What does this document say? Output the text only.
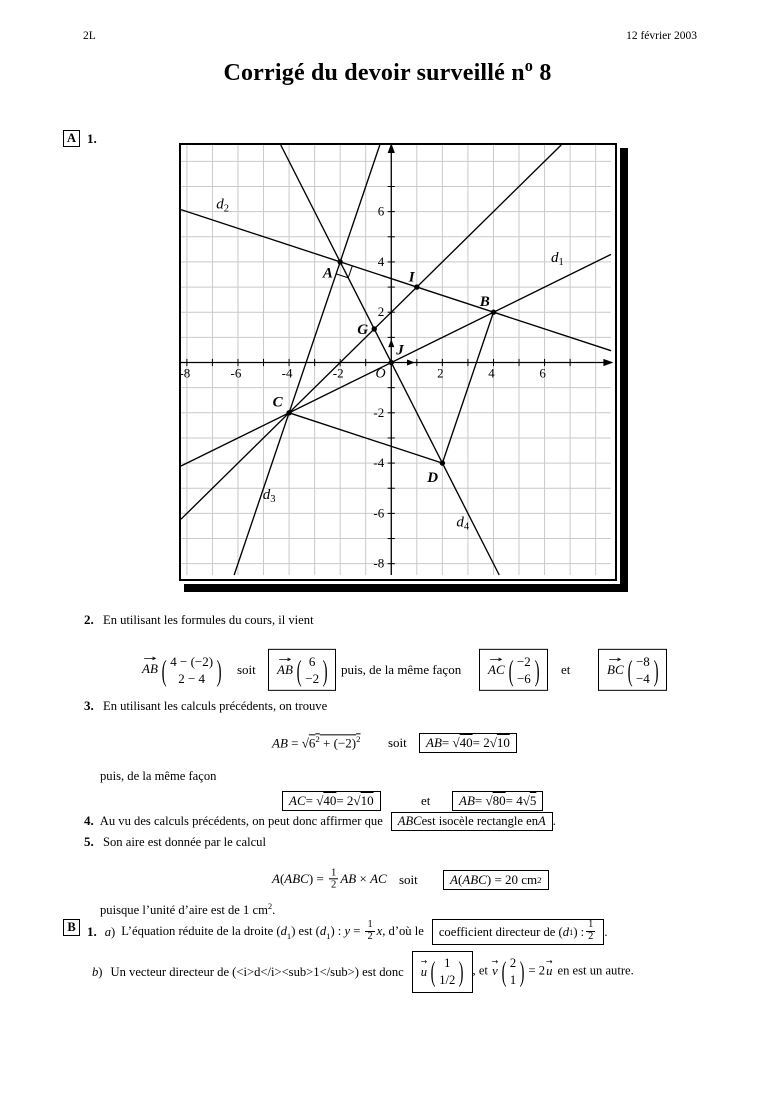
2L	12 février 2003
Corrigé du devoir surveillé $n^o$ 8
A 1.
$d_1$
$d_2$
$d_3$
$d_4$
-8	-6	-4	-2	2	4	6
6
4
2
-2
-4
-6
-8
O
A
B
C
D
G
I
J
2. En utilisant les formules du cours, il vient
→ AB ( 4 − (−2)
2 − 4 ) soit → AB ( 6
−2 ) puis, de la même façon → AC ( −2
−6 ) et	→ BC ( −8
−4 )
3. En utilisant les calculs précédents, on trouve
AB = $√6^2 + (-2)^2$ soit AB = √ 40 = 2√ 10
puis, de la même façon
AC = √ 40 = 2√ 10	et AB = √ 80 = 4√ 5
4. Au vu des calculs précédents, on peut donc affirmer que ABC est isocèle rectangle en A .
5. Son aire est donnée par le calcul
$A(ABC) = \frac{1}{2}$ AB × AC soit A ( ABC ) = 20 cm 2
puisque l’unité d’aire est de 1 $cm^2$.
B 1. a) L’équation réduite de la droite $(d_1)$ est $(d_1)$ : $y = \frac{1}{2} x$, d’où le	coefficient directeur de ( d 1 ) : $\frac{1}{2}$ .
b) Un vecteur directeur de (<i>d</i><sub>1</sub>) est donc → u ( 1
1/2 ) , et → v ( 2
1 ) = 2→ u en est un autre.
